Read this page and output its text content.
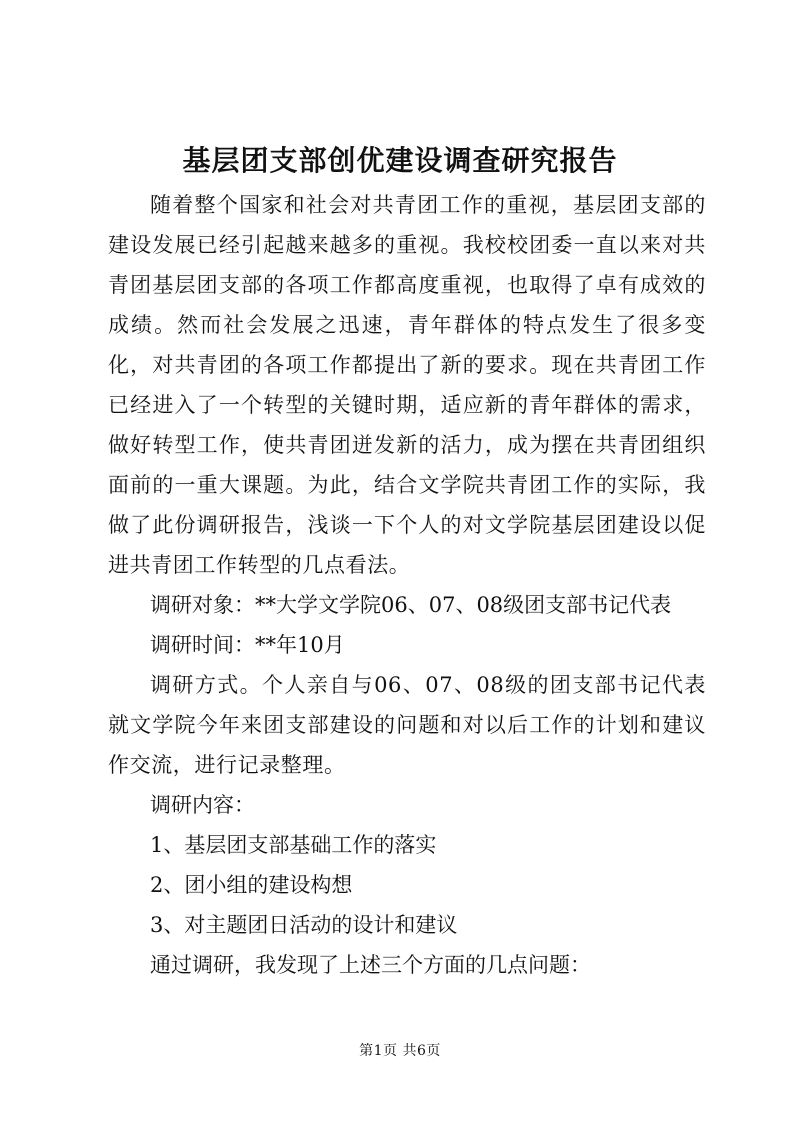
基层团支部创优建设调查研究报告

随着整个国家和社会对共青团工作的重视，基层团支部的建设发展已经引起越来越多的重视。我校校团委一直以来对共青团基层团支部的各项工作都高度重视，也取得了卓有成效的成绩。然而社会发展之迅速，青年群体的特点发生了很多变化，对共青团的各项工作都提出了新的要求。现在共青团工作已经进入了一个转型的关键时期，适应新的青年群体的需求，做好转型工作，使共青团迸发新的活力，成为摆在共青团组织面前的一重大课题。为此，结合文学院共青团工作的实际，我做了此份调研报告，浅谈一下个人的对文学院基层团建设以促进共青团工作转型的几点看法。

调研对象：**大学文学院06、07、08级团支部书记代表

调研时间：**年10月

调研方式。个人亲自与06、07、08级的团支部书记代表就文学院今年来团支部建设的问题和对以后工作的计划和建议作交流，进行记录整理。

调研内容：

1、基层团支部基础工作的落实

2、团小组的建设构想

3、对主题团日活动的设计和建议

通过调研，我发现了上述三个方面的几点问题：

第1页 共6页
